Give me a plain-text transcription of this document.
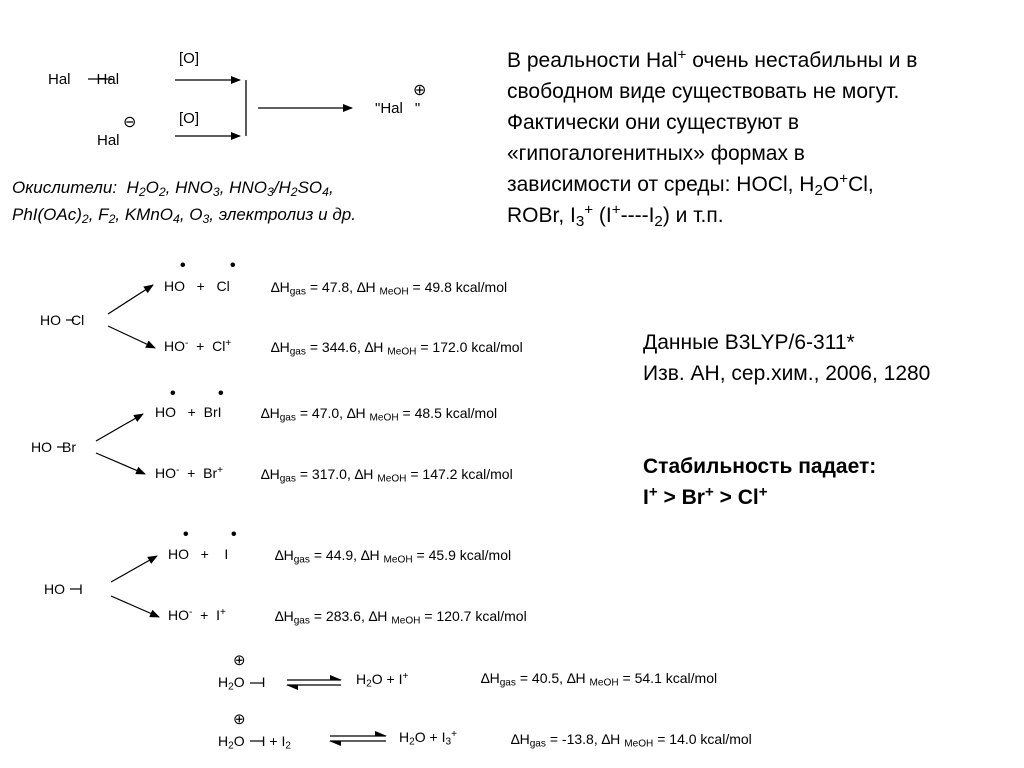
Hal Hal
[O]
[O]
Hal
⊖
"Hal "
⊕
Окислители: $H_2O_2$, $HNO_3$, $HNO_3/H_2SO_4$,
$PhI(OAc)_2$, $F_2$, KMnO$_4$, $O_3$, электролиз и др.
В реальности Hal+ очень нестабильны и в
свободном виде существовать не могут.
Фактически они существуют в
«гипогалогенитных» формах в
зависимости от среды: HOCl, $H_2O^+Cl$,
ROBr, $I_3^+$ $(I^+----I_2)$ и т.п.
Данные B3LYP/6-311*
Изв. АН, сер.хим., 2006, 1280
Стабильность падает:
I+ > Br+ > Cl+
HO Cl
•	•
HO + Cl	$\Delta H_{gas} = 47.8$, ∆H $_{MeOH}$ = 49.8 kcal/mol
HO- + Cl+	$\Delta H_{gas} = 344.6$, ∆H $_{MeOH}$ = 172.0 kcal/mol
HO Br
•	•
HO + BrI	$\Delta H_{gas} = 47.0$, ∆H $_{MeOH}$ = 48.5 kcal/mol
HO- + Br+	$\Delta H_{gas} = 317.0$, ∆H $_{MeOH}$ = 147.2 kcal/mol
HO I
•	•
HO + I	$\Delta H_{gas} = 44.9$, ∆H $_{MeOH}$ = 45.9 kcal/mol
HO- + I+	$\Delta H_{gas} = 283.6$, ∆H $_{MeOH}$ = 120.7 kcal/mol
⊕
$H_2O$ I	$H_2O + I^+$	$\Delta H_{gas} = 40.5$, ∆H $_{MeOH}$ = 54.1 kcal/mol
⊕
$H_2O$ $I + I_2$
$H_2O + I_3^+$	$\Delta H_{gas} = -13.8$, ∆H $_{MeOH}$ = 14.0 kcal/mol
